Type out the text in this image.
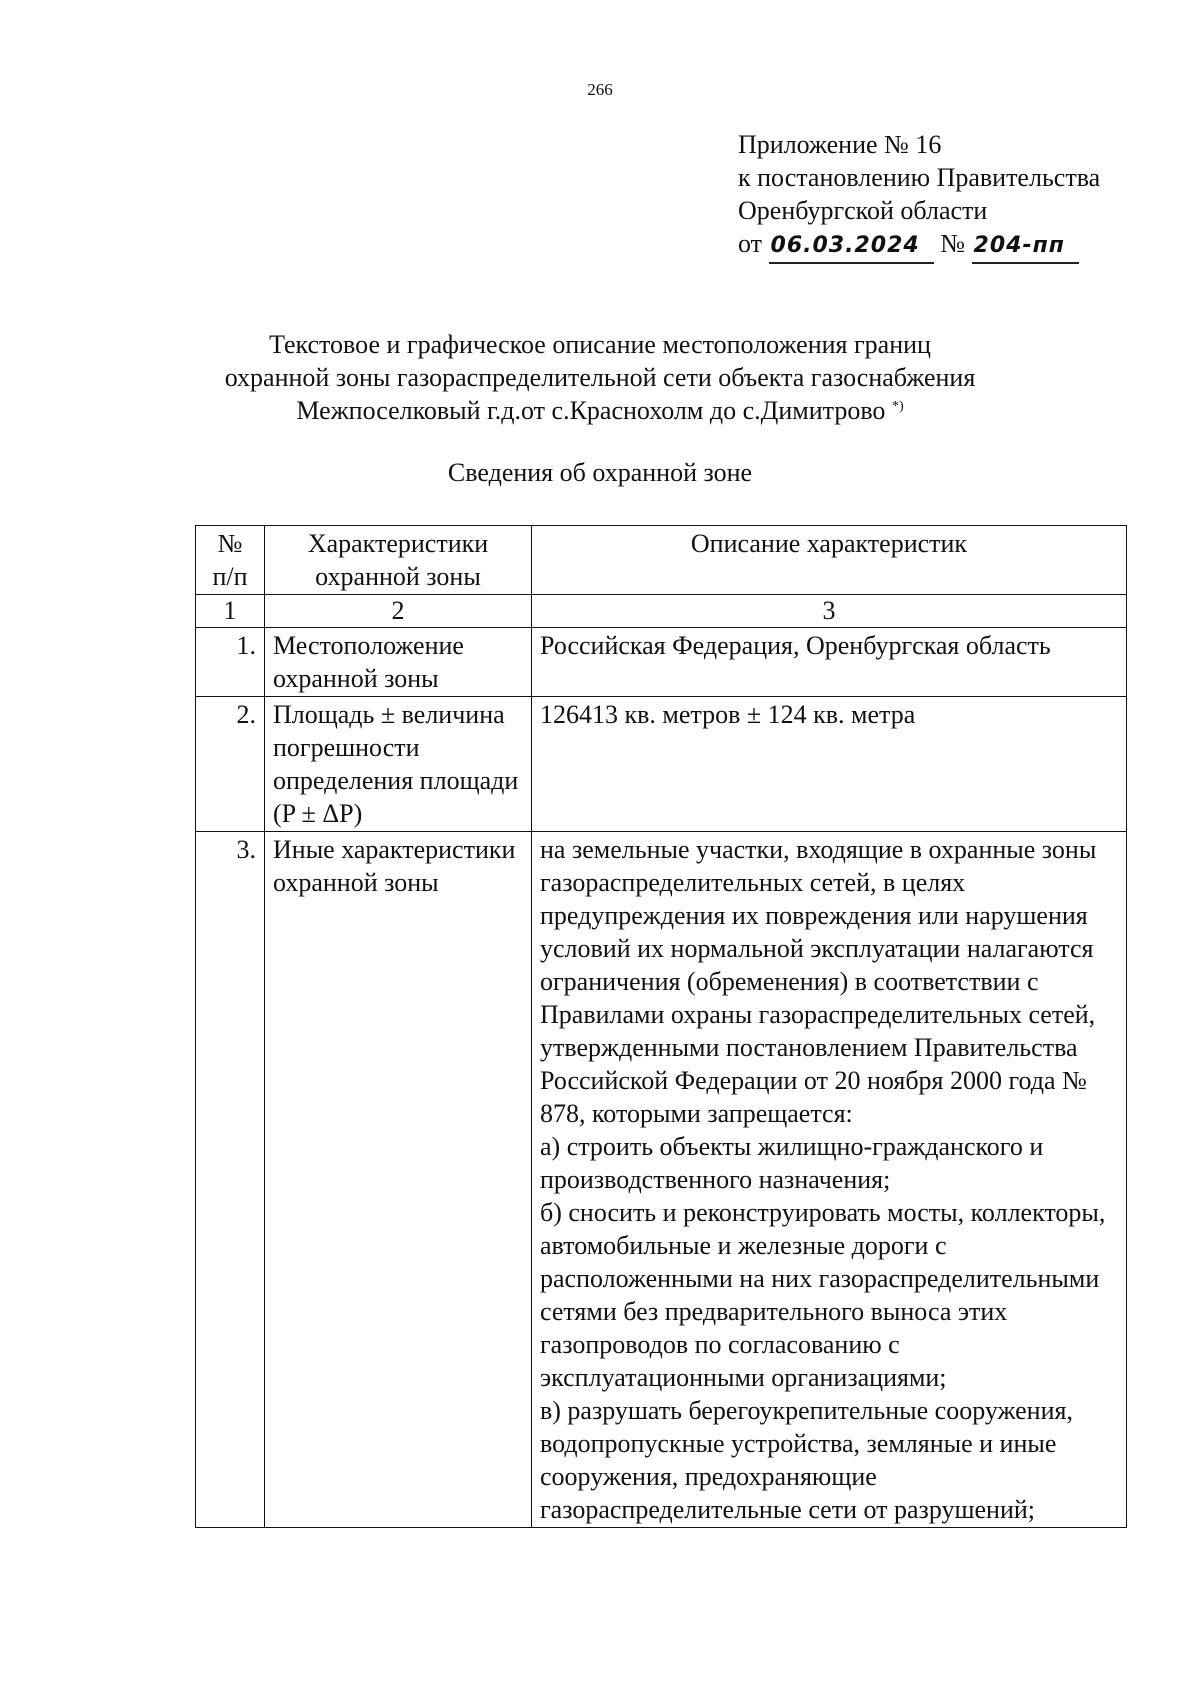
266
Приложение № 16
к постановлению Правительства
Оренбургской области
от 06.03.2024 № 204-пп
Текстовое и графическое описание местоположения границ
охранной зоны газораспределительной сети объекта газоснабжения
Межпоселковый г.д.от с.Краснохолм до с.Димитрово *)
Сведения об охранной зоне
№ п/п	Характеристики охранной зоны	Описание характеристик
1	2	3
1.	Местоположение охранной зоны	Российская Федерация, Оренбургская область

2.	Площадь ± величина погрешности определения площади (P ± ΔP)	126413 кв. метров ± 124 кв. метра

3.	Иные характеристики охранной зоны	на земельные участки, входящие в охранные зоны газораспределительных сетей, в целях предупреждения их повреждения или нарушения условий их нормальной эксплуатации налагаются ограничения (обременения) в соответствии с Правилами охраны газораспределительных сетей, утвержденными постановлением Правительства Российской Федерации от 20 ноября 2000 года № 878, которыми запрещается:
а) строить объекты жилищно-гражданского и производственного назначения;
б) сносить и реконструировать мосты, коллекторы, автомобильные и железные дороги с расположенными на них газораспределительными сетями без предварительного выноса этих газопроводов по согласованию с эксплуатационными организациями;
в) разрушать берегоукрепительные сооружения, водопропускные устройства, земляные и иные сооружения, предохраняющие газораспределительные сети от разрушений;
